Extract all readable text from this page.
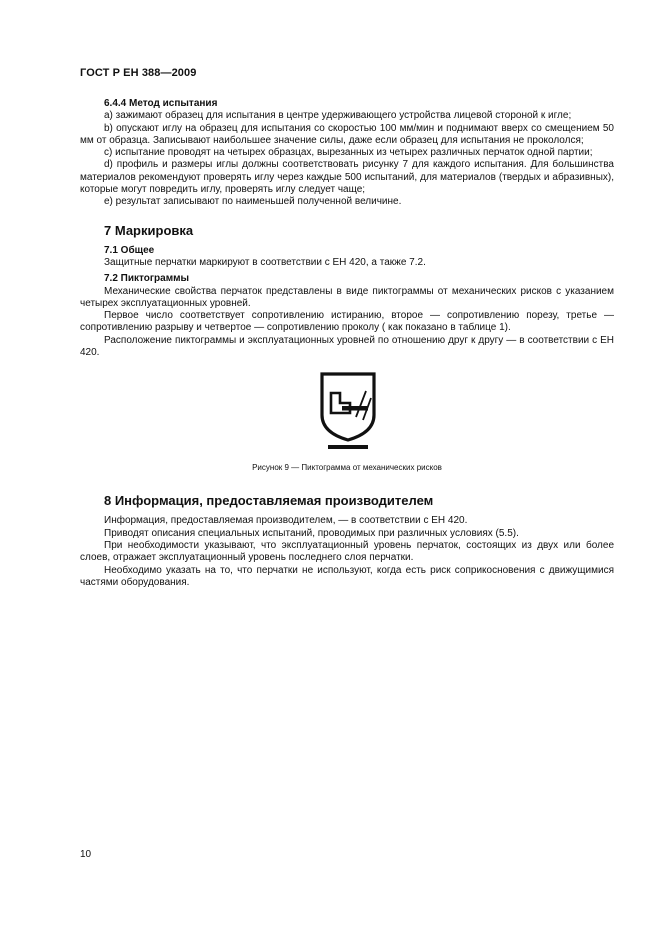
ГОСТ Р ЕН 388—2009

6.4.4 Метод испытания

a) зажимают образец для испытания в центре удерживающего устройства лицевой стороной к игле;

b) опускают иглу на образец для испытания со скоростью 100 мм/мин и поднимают вверх со смещением 50 мм от образца. Записывают наибольшее значение силы, даже если образец для испытания не прокололся;

c) испытание проводят на четырех образцах, вырезанных из четырех различных перчаток одной партии;

d) профиль и размеры иглы должны соответствовать рисунку 7 для каждого испытания. Для большинства материалов рекомендуют проверять иглу через каждые 500 испытаний, для материалов (твердых и абразивных), которые могут повредить иглу, проверять иглу следует чаще;

e) результат записывают по наименьшей полученной величине.

7 Маркировка

7.1 Общее

Защитные перчатки маркируют в соответствии с ЕН 420, а также 7.2.

7.2 Пиктограммы

Механические свойства перчаток представлены в виде пиктограммы от механических рисков с указанием четырех эксплуатационных уровней.

Первое число соответствует сопротивлению истиранию, второе — сопротивлению порезу, третье — сопротивлению разрыву и четвертое — сопротивлению проколу ( как показано в таблице 1).

Расположение пиктограммы и эксплуатационных уровней по отношению друг к другу — в соответствии с ЕН 420.

Рисунок 9 — Пиктограмма от механических рисков

8 Информация, предоставляемая производителем

Информация, предоставляемая производителем, — в соответствии с ЕН 420.

Приводят описания специальных испытаний, проводимых при различных условиях (5.5).

При необходимости указывают, что эксплуатационный уровень перчаток, состоящих из двух или более слоев, отражает эксплуатационный уровень последнего слоя перчатки.

Необходимо указать на то, что перчатки не используют, когда есть риск соприкосновения с движущимися частями оборудования.

10
